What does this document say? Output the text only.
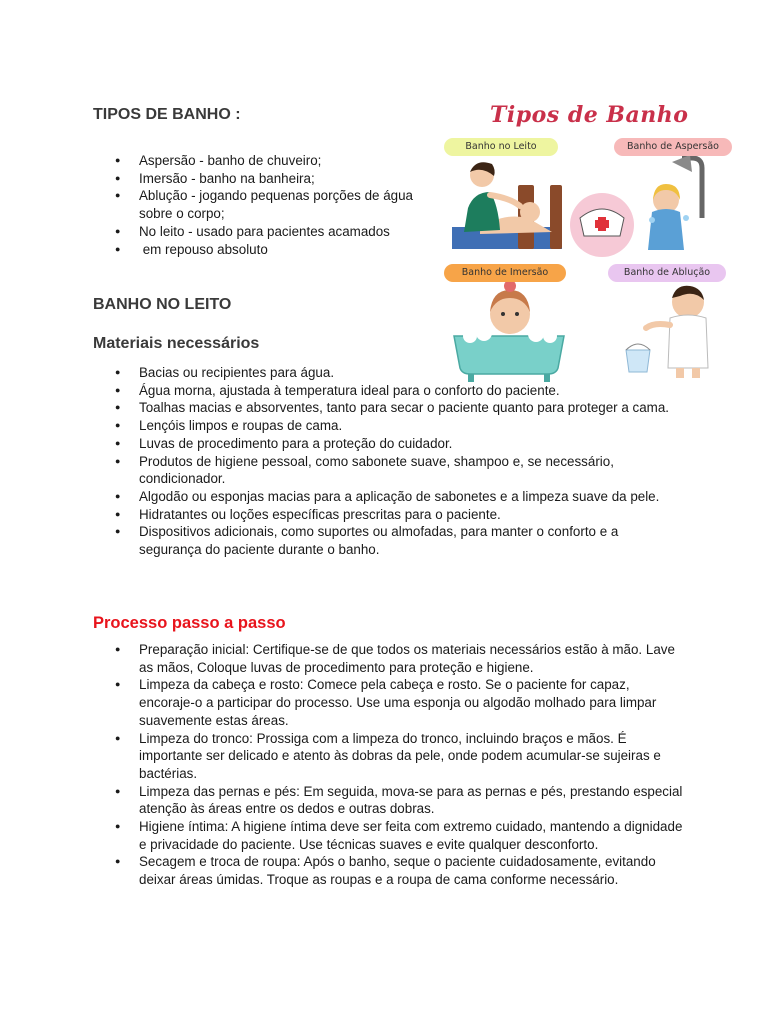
TIPOS DE BANHO :
● Aspersão - banho de chuveiro;
● Imersão - banho na banheira;
● Ablução - jogando pequenas porções de água sobre o corpo;
● No leito - usado para pacientes acamados
●  em repouso absoluto
Tipos de Banho
Banho no Leito	Banho de Aspersão
Banho de Imersão	Banho de Ablução
BANHO NO LEITO
Materiais necessários
● Bacias ou recipientes para água.
● Água morna, ajustada à temperatura ideal para o conforto do paciente.
● Toalhas macias e absorventes, tanto para secar o paciente quanto para proteger a cama.
● Lençóis limpos e roupas de cama.
● Luvas de procedimento para a proteção do cuidador.
● Produtos de higiene pessoal, como sabonete suave, shampoo e, se necessário, condicionador.
● Algodão ou esponjas macias para a aplicação de sabonetes e a limpeza suave da pele.
● Hidratantes ou loções específicas prescritas para o paciente.
● Dispositivos adicionais, como suportes ou almofadas, para manter o conforto e a segurança do paciente durante o banho.
Processo passo a passo
● Preparação inicial: Certifique-se de que todos os materiais necessários estão à mão. Lave as mãos, Coloque luvas de procedimento para proteção e higiene.
● Limpeza da cabeça e rosto: Comece pela cabeça e rosto. Se o paciente for capaz, encoraje-o a participar do processo. Use uma esponja ou algodão molhado para limpar suavemente estas áreas.
● Limpeza do tronco: Prossiga com a limpeza do tronco, incluindo braços e mãos. É importante ser delicado e atento às dobras da pele, onde podem acumular-se sujeiras e bactérias.
● Limpeza das pernas e pés: Em seguida, mova-se para as pernas e pés, prestando especial atenção às áreas entre os dedos e outras dobras.
● Higiene íntima: A higiene íntima deve ser feita com extremo cuidado, mantendo a dignidade e privacidade do paciente. Use técnicas suaves e evite qualquer desconforto.
● Secagem e troca de roupa: Após o banho, seque o paciente cuidadosamente, evitando deixar áreas úmidas. Troque as roupas e a roupa de cama conforme necessário.
